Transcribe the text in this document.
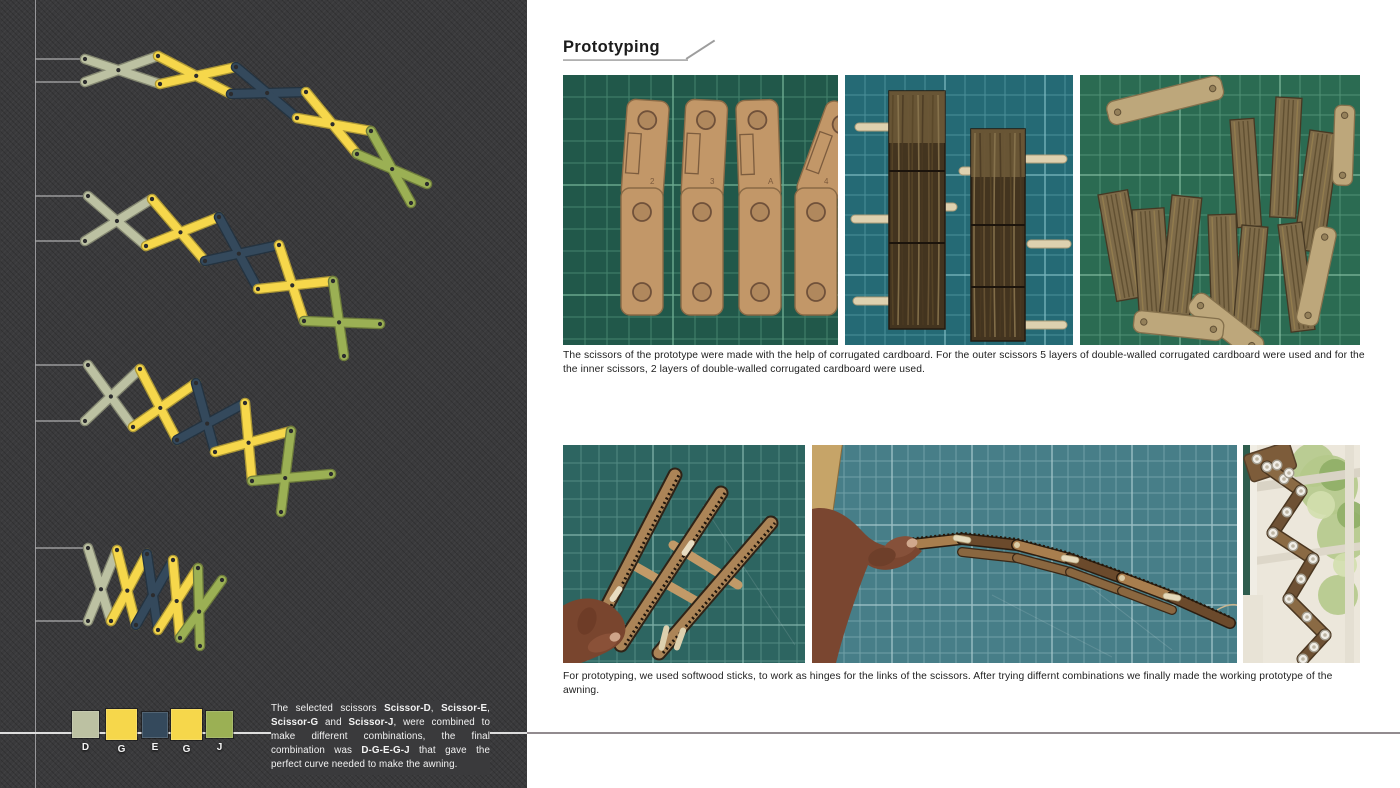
D	G	E	G	J

The selected scissors Scissor-D, Scissor-E, Scissor-G and Scissor-J, were combined to make different combinations, the final combination was D-G-E-G-J that gave the perfect curve needed to make the awning.

Prototyping
2	3	A	4

The scissors of the prototype were made with the help of corrugated cardboard. For the outer scissors 5 layers of double-walled corrugated cardboard were used and for the the inner scissors, 2 layers of double-walled corrugated cardboard were used.

For prototyping, we used softwood sticks, to work as hinges for the links of the scissors. After trying differnt combinations we finally made the working prototype of the awning.
